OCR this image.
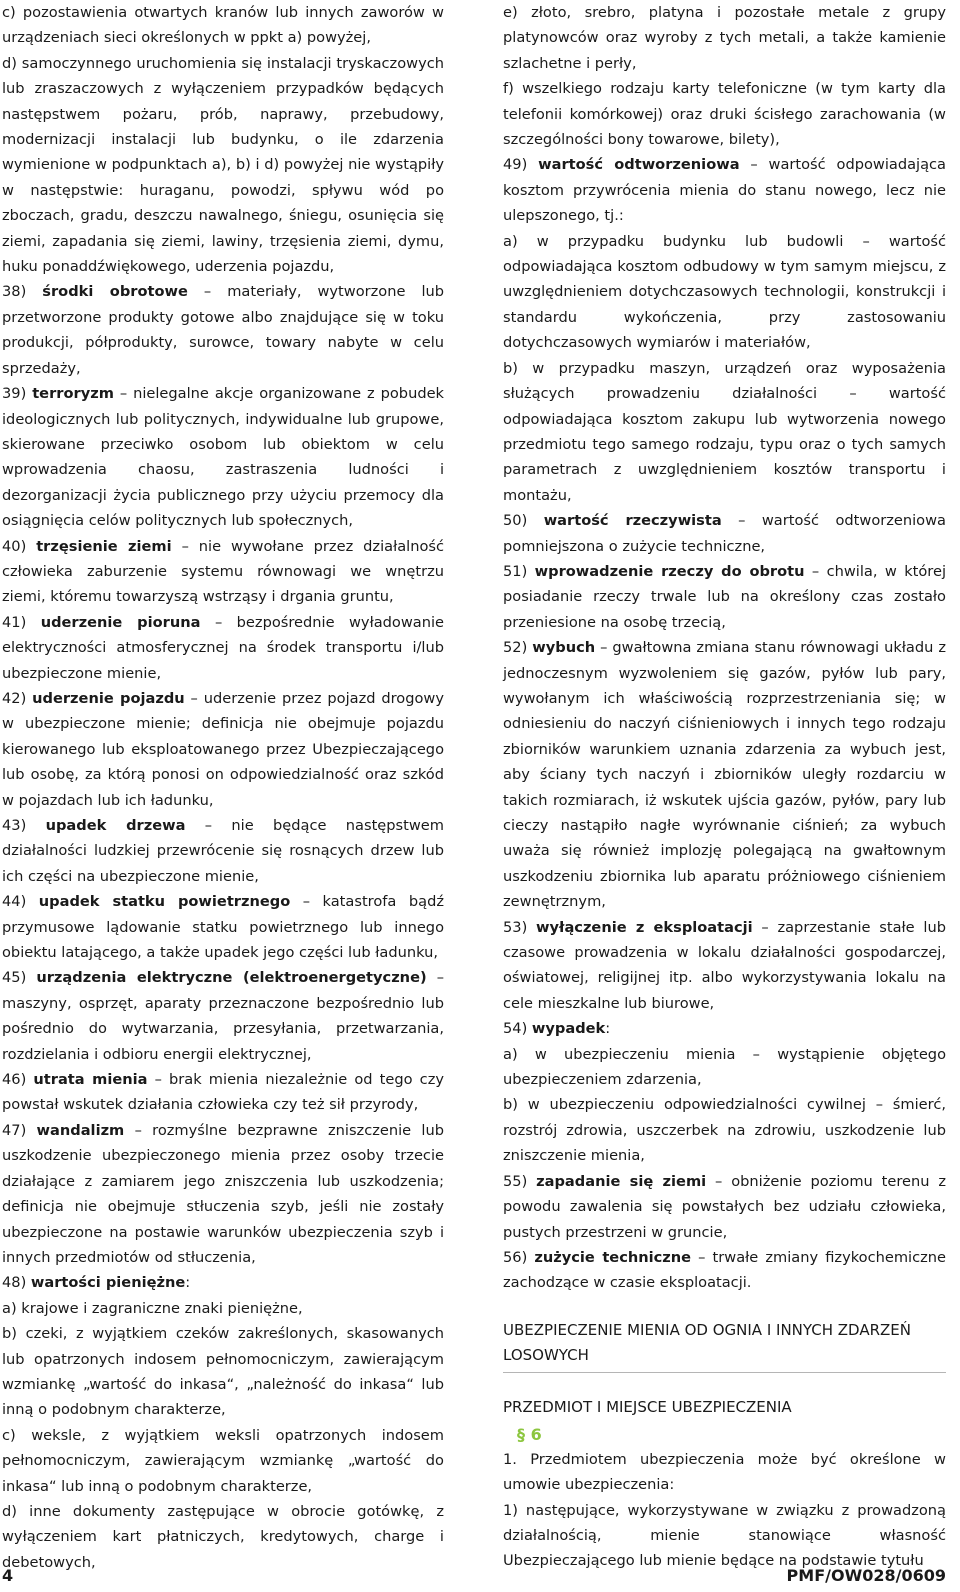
c) pozostawienia otwartych kranów lub innych zaworów w urządzeniach sieci określonych w ppkt a) powyżej,

d) samoczynnego uruchomienia się instalacji tryskaczowych lub zraszaczowych z wyłączeniem przypadków będących następstwem pożaru, prób, naprawy, przebudowy, modernizacji instalacji lub budynku, o ile zdarzenia wymienione w podpunktach a), b) i d) powyżej nie wystąpiły w następstwie: huraganu, powodzi, spływu wód po zboczach, gradu, deszczu nawalnego, śniegu, osunięcia się ziemi, zapadania się ziemi, lawiny, trzęsienia ziemi, dymu, huku ponaddźwiękowego, uderzenia pojazdu,

38) środki obrotowe – materiały, wytworzone lub przetworzone produkty gotowe albo znajdujące się w toku produkcji, półprodukty, surowce, towary nabyte w celu sprzedaży,

39) terroryzm – nielegalne akcje organizowane z pobudek ideologicznych lub politycznych, indywidualne lub grupowe, skierowane przeciwko osobom lub obiektom w celu wprowadzenia chaosu, zastraszenia ludności i dezorganizacji życia publicznego przy użyciu przemocy dla osiągnięcia celów politycznych lub społecznych,

40) trzęsienie ziemi – nie wywołane przez działalność człowieka zaburzenie systemu równowagi we wnętrzu ziemi, któremu towarzyszą wstrząsy i drgania gruntu,

41) uderzenie pioruna – bezpośrednie wyładowanie elektryczności atmosferycznej na środek transportu i/lub ubezpieczone mienie,

42) uderzenie pojazdu – uderzenie przez pojazd drogowy w ubezpieczone mienie; definicja nie obejmuje pojazdu kierowanego lub eksploatowanego przez Ubezpieczającego lub osobę, za którą ponosi on odpowiedzialność oraz szkód w pojazdach lub ich ładunku,

43) upadek drzewa – nie będące następstwem działalności ludzkiej przewrócenie się rosnących drzew lub ich części na ubezpieczone mienie,

44) upadek statku powietrznego – katastrofa bądź przymusowe lądowanie statku powietrznego lub innego obiektu latającego, a także upadek jego części lub ładunku,

45) urządzenia elektryczne (elektroenergetyczne) – maszyny, osprzęt, aparaty przeznaczone bezpośrednio lub pośrednio do wytwarzania, przesyłania, przetwarzania, rozdzielania i odbioru energii elektrycznej,

46) utrata mienia – brak mienia niezależnie od tego czy powstał wskutek działania człowieka czy też sił przyrody,

47) wandalizm – rozmyślne bezprawne zniszczenie lub uszkodzenie ubezpieczonego mienia przez osoby trzecie działające z zamiarem jego zniszczenia lub uszkodzenia; definicja nie obejmuje stłuczenia szyb, jeśli nie zostały ubezpieczone na postawie warunków ubezpieczenia szyb i innych przedmiotów od stłuczenia,

48) wartości pieniężne:

a) krajowe i zagraniczne znaki pieniężne,

b) czeki, z wyjątkiem czeków zakreślonych, skasowanych lub opatrzonych indosem pełnomocniczym, zawierającym wzmiankę „wartość do inkasa“, „należność do inkasa“ lub inną o podobnym charakterze,

c) weksle, z wyjątkiem weksli opatrzonych indosem pełnomocniczym, zawierającym wzmiankę „wartość do inkasa“ lub inną o podobnym charakterze,

d) inne dokumenty zastępujące w obrocie gotówkę, z wyłączeniem kart płatniczych, kredytowych, charge i debetowych,

e) złoto, srebro, platyna i pozostałe metale z grupy platynowców oraz wyroby z tych metali, a także kamienie szlachetne i perły,

f) wszelkiego rodzaju karty telefoniczne (w tym karty dla telefonii komórkowej) oraz druki ścisłego zarachowania (w szczególności bony towarowe, bilety),

49) wartość odtworzeniowa – wartość odpowiadająca kosztom przywrócenia mienia do stanu nowego, lecz nie ulepszonego, tj.:

a) w przypadku budynku lub budowli – wartość odpowiadająca kosztom odbudowy w tym samym miejscu, z uwzględnieniem dotychczasowych technologii, konstrukcji i standardu wykończenia, przy zastosowaniu dotychczasowych wymiarów i materiałów,

b) w przypadku maszyn, urządzeń oraz wyposażenia służących prowadzeniu działalności – wartość odpowiadająca kosztom zakupu lub wytworzenia nowego przedmiotu tego samego rodzaju, typu oraz o tych samych parametrach z uwzględnieniem kosztów transportu i montażu,

50) wartość rzeczywista – wartość odtworzeniowa pomniejszona o zużycie techniczne,

51) wprowadzenie rzeczy do obrotu – chwila, w której posiadanie rzeczy trwale lub na określony czas zostało przeniesione na osobę trzecią,

52) wybuch – gwałtowna zmiana stanu równowagi układu z jednoczesnym wyzwoleniem się gazów, pyłów lub pary, wywołanym ich właściwością rozprzestrzeniania się; w odniesieniu do naczyń ciśnieniowych i innych tego rodzaju zbiorników warunkiem uznania zdarzenia za wybuch jest, aby ściany tych naczyń i zbiorników uległy rozdarciu w takich rozmiarach, iż wskutek ujścia gazów, pyłów, pary lub cieczy nastąpiło nagłe wyrównanie ciśnień; za wybuch uważa się również implozję polegającą na gwałtownym uszkodzeniu zbiornika lub aparatu próżniowego ciśnieniem zewnętrznym,

53) wyłączenie z eksploatacji – zaprzestanie stałe lub czasowe prowadzenia w lokalu działalności gospodarczej, oświatowej, religijnej itp. albo wykorzystywania lokalu na cele mieszkalne lub biurowe,

54) wypadek:

a) w ubezpieczeniu mienia – wystąpienie objętego ubezpieczeniem zdarzenia,

b) w ubezpieczeniu odpowiedzialności cywilnej – śmierć, rozstrój zdrowia, uszczerbek na zdrowiu, uszkodzenie lub zniszczenie mienia,

55) zapadanie się ziemi – obniżenie poziomu terenu z powodu zawalenia się powstałych bez udziału człowieka, pustych przestrzeni w gruncie,

56) zużycie techniczne – trwałe zmiany fizykochemiczne zachodzące w czasie eksploatacji.

UBEZPIECZENIE MIENIA OD OGNIA I INNYCH ZDARZEŃ LOSOWYCH
PRZEDMIOT I MIEJSCE UBEZPIECZENIA
§ 6

1. Przedmiotem ubezpieczenia może być określone w umowie ubezpieczenia:

1) następujące, wykorzystywane w związku z prowadzoną działalnością, mienie stanowiące własność Ubezpieczającego lub mienie będące na podstawie tytułu

4	PMF/OW028/0609
